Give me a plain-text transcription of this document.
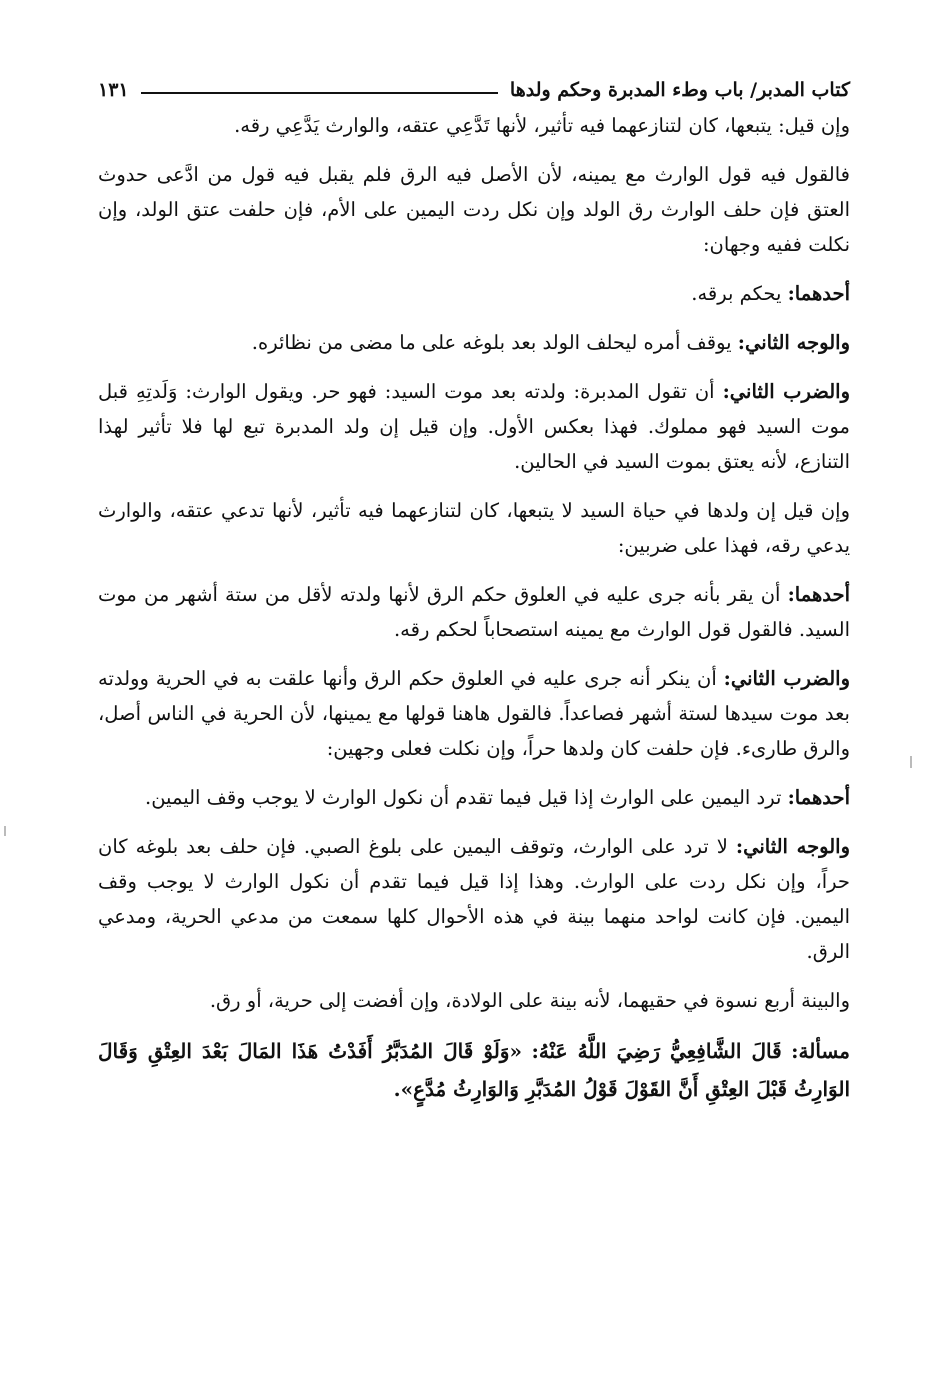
كتاب المدبر/ باب وطء المدبرة وحكم ولدها
١٣١

وإن قيل: يتبعها، كان لتنازعهما فيه تأثير، لأنها تَدَّعِي عتقه، والوارث يَدَّعِي رقه.

فالقول فيه قول الوارث مع يمينه، لأن الأصل فيه الرق فلم يقبل فيه قول من ادَّعى حدوث العتق فإن حلف الوارث رق الولد وإن نكل ردت اليمين على الأم، فإن حلفت عتق الولد، وإن نكلت ففيه وجهان:

أحدهما: يحكم برقه.

والوجه الثاني: يوقف أمره ليحلف الولد بعد بلوغه على ما مضى من نظائره.

والضرب الثاني: أن تقول المدبرة: ولدته بعد موت السيد: فهو حر. ويقول الوارث: وَلَدتِهِ قبل موت السيد فهو مملوك. فهذا بعكس الأول. وإن قيل إن ولد المدبرة تبع لها فلا تأثير لهذا التنازع، لأنه يعتق بموت السيد في الحالين.

وإن قيل إن ولدها في حياة السيد لا يتبعها، كان لتنازعهما فيه تأثير، لأنها تدعي عتقه، والوارث يدعي رقه، فهذا على ضربين:

أحدهما: أن يقر بأنه جرى عليه في العلوق حكم الرق لأنها ولدته لأقل من ستة أشهر من موت السيد. فالقول قول الوارث مع يمينه استصحاباً لحكم رقه.

والضرب الثاني: أن ينكر أنه جرى عليه في العلوق حكم الرق وأنها علقت به في الحرية وولدته بعد موت سيدها لستة أشهر فصاعداً. فالقول هاهنا قولها مع يمينها، لأن الحرية في الناس أصل، والرق طارىء. فإن حلفت كان ولدها حراً، وإن نكلت فعلى وجهين:

أحدهما: ترد اليمين على الوارث إذا قيل فيما تقدم أن نكول الوارث لا يوجب وقف اليمين.

والوجه الثاني: لا ترد على الوارث، وتوقف اليمين على بلوغ الصبي. فإن حلف بعد بلوغه كان حراً، وإن نكل ردت على الوارث. وهذا إذا قيل فيما تقدم أن نكول الوارث لا يوجب وقف اليمين. فإن كانت لواحد منهما بينة في هذه الأحوال كلها سمعت من مدعي الحرية، ومدعي الرق.

والبينة أربع نسوة في حقيهما، لأنه بينة على الولادة، وإن أفضت إلى حرية، أو رق.

مسألة: قَالَ الشَّافِعِيُّ رَضِيَ اللَّهُ عَنْهُ: «وَلَوْ قَالَ المُدَبَّرُ أَفَدْتُ هَذَا المَالَ بَعْدَ العِتْقِ وَقَالَ الوَارِثُ قَبْلَ العِتْقِ أَنَّ القَوْلَ قَوْلُ المُدَبَّرِ وَالوَارِثُ مُدَّعٍ».
